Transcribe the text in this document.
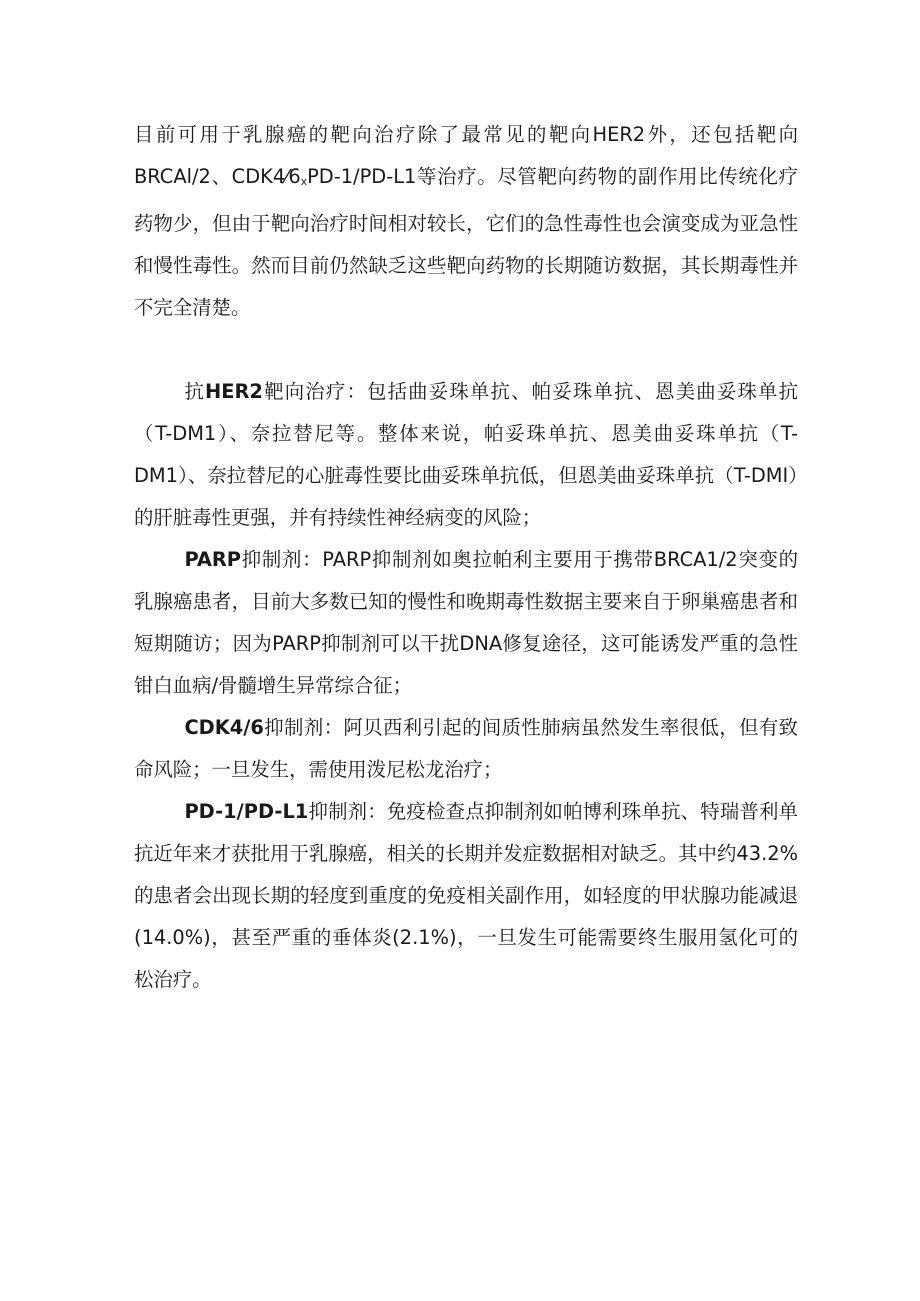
目前可用于乳腺癌的靶向治疗除了最常见的靶向HER2外，还包括靶向BRCAl/2、$CDK4⁄6_xPD-1/PD-L1$等治疗。尽管靶向药物的副作用比传统化疗药物少，但由于靶向治疗时间相对较长，它们的急性毒性也会演变成为亚急性和慢性毒性。然而目前仍然缺乏这些靶向药物的长期随访数据，其长期毒性并不完全清楚。

抗HER2靶向治疗：包括曲妥珠单抗、帕妥珠单抗、恩美曲妥珠单抗（T-DM1）、奈拉替尼等。整体来说，帕妥珠单抗、恩美曲妥珠单抗（T-DM1）、奈拉替尼的心脏毒性要比曲妥珠单抗低，但恩美曲妥珠单抗（T-DMI）的肝脏毒性更强，并有持续性神经病变的风险；

PARP抑制剂：PARP抑制剂如奥拉帕利主要用于携带BRCA1/2突变的乳腺癌患者，目前大多数已知的慢性和晚期毒性数据主要来自于卵巢癌患者和短期随访；因为PARP抑制剂可以干扰DNA修复途径，这可能诱发严重的急性钳白血病/骨髓增生异常综合征；

CDK4/6抑制剂：阿贝西利引起的间质性肺病虽然发生率很低，但有致命风险；一旦发生，需使用泼尼松龙治疗；

PD-1/PD-L1抑制剂：免疫检查点抑制剂如帕博利珠单抗、特瑞普利单抗近年来才获批用于乳腺癌，相关的长期并发症数据相对缺乏。其中约43.2%的患者会出现长期的轻度到重度的免疫相关副作用，如轻度的甲状腺功能减退(14.0%)，甚至严重的垂体炎(2.1%)，一旦发生可能需要终生服用氢化可的松治疗。
